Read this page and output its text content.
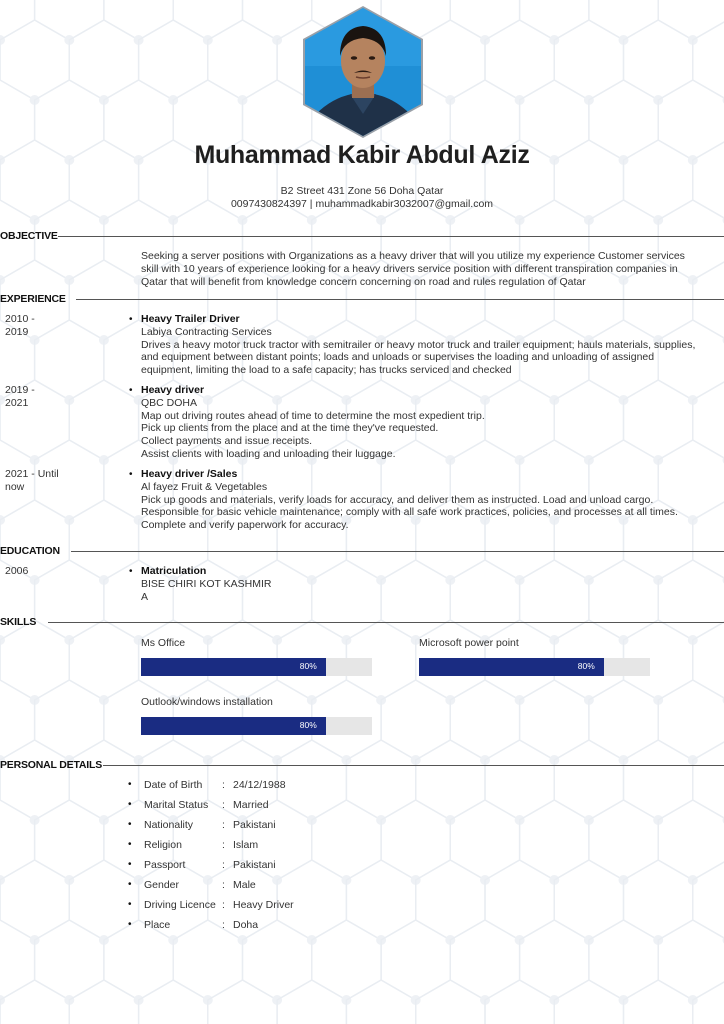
Muhammad Kabir Abdul Aziz
B2 Street 431 Zone 56 Doha Qatar
0097430824397 | muhammadkabir3032007@gmail.com
OBJECTIVE
Seeking a server positions with Organizations as a heavy driver that will you utilize my experience Customer services
skill with 10 years of experience looking for a heavy drivers service position with different transpiration companies in
Qatar that will benefit from knowledge concern concerning on road and rules regulation of Qatar
EXPERIENCE
2010 -
2019
• Heavy Trailer Driver
Labiya Contracting Services
Drives a heavy motor truck tractor with semitrailer or heavy motor truck and trailer equipment; hauls materials, supplies,
and equipment between distant points; loads and unloads or supervises the loading and unloading of assigned
equipment, limiting the load to a safe capacity; has trucks serviced and checked
2019 -
2021
• Heavy driver
QBC DOHA
Map out driving routes ahead of time to determine the most expedient trip.
Pick up clients from the place and at the time they've requested.
Collect payments and issue receipts.
Assist clients with loading and unloading their luggage.
2021 - Until
now
• Heavy driver /Sales
Al fayez Fruit & Vegetables
Pick up goods and materials, verify loads for accuracy, and deliver them as instructed. Load and unload cargo.
Responsible for basic vehicle maintenance; comply with all safe work practices, policies, and processes at all times.
Complete and verify paperwork for accuracy.
EDUCATION
2006	• Matriculation
BISE CHIRI KOT KASHMIR
A
SKILLS
Ms Office
80%
Microsoft power point
80%
Outlook/windows installation
80%
PERSONAL DETAILS
• Date of Birth : 24/12/1988
• Marital Status : Married
• Nationality	: Pakistani
• Religion	: Islam
• Passport	: Pakistani
• Gender	: Male
• Driving Licence : Heavy Driver
• Place	: Doha
